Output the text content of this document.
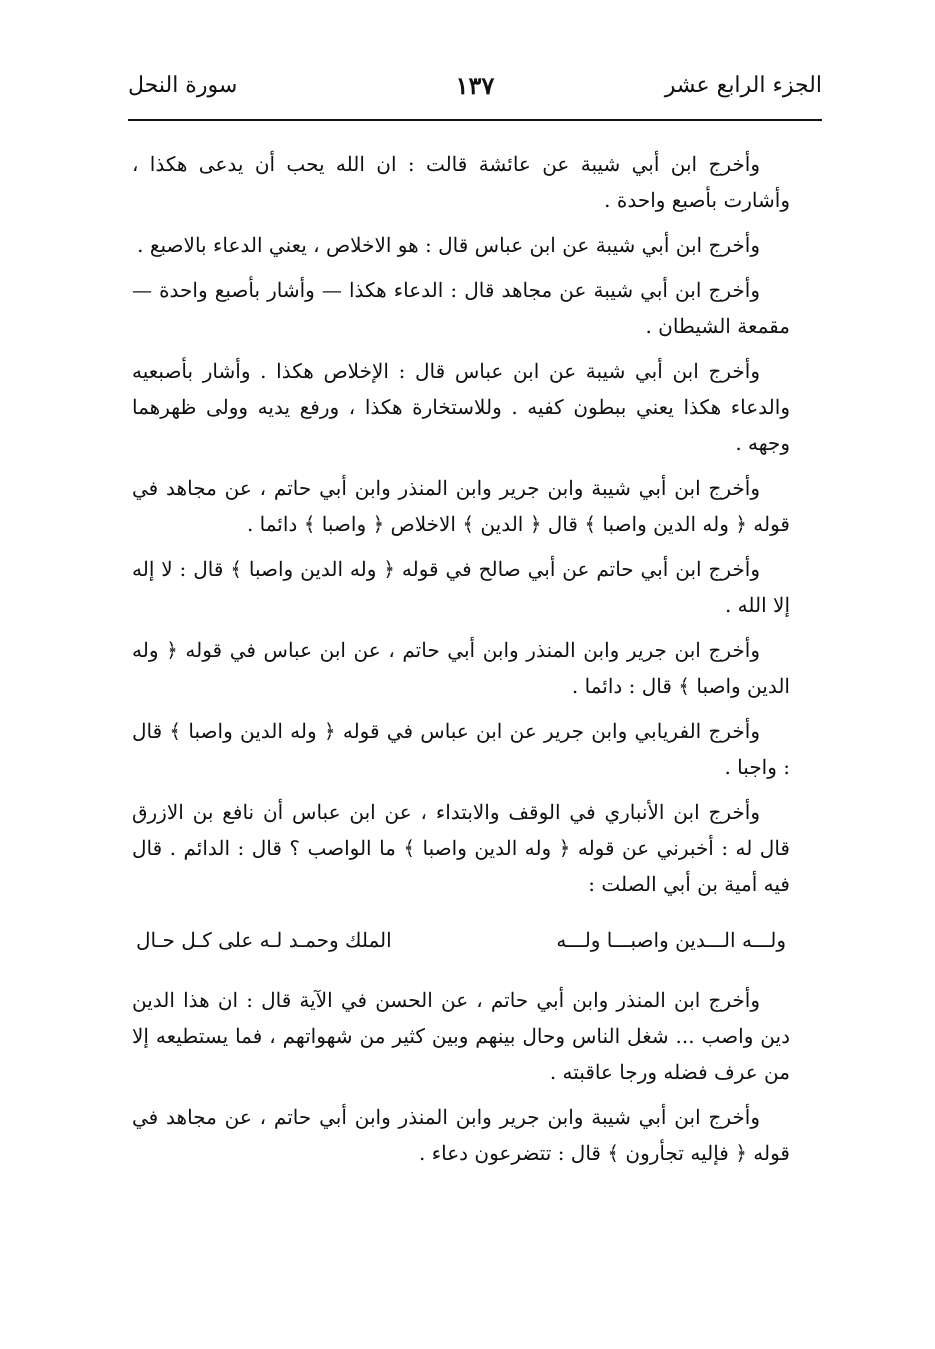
الجزء الرابع عشر
١٣٧
سورة النحل

وأخرج ابن أبي شيبة عن عائشة قالت : ان الله يحب أن يدعى هكذا ، وأشارت بأصبع واحدة .

وأخرج ابن أبي شيبة عن ابن عباس قال : هو الاخلاص ، يعني الدعاء بالاصبع .

وأخرج ابن أبي شيبة عن مجاهد قال : الدعاء هكذا — وأشار بأصبع واحدة — مقمعة الشيطان .

وأخرج ابن أبي شيبة عن ابن عباس قال : الإخلاص هكذا . وأشار بأصبعيه والدعاء هكذا يعني ببطون كفيه . وللاستخارة هكذا ، ورفع يديه وولى ظهرهما وجهه .

وأخرج ابن أبي شيبة وابن جرير وابن المنذر وابن أبي حاتم ، عن مجاهد في قوله ﴿ وله الدين واصبا ﴾ قال ﴿ الدين ﴾ الاخلاص ﴿ واصبا ﴾ دائما .

وأخرج ابن أبي حاتم عن أبي صالح في قوله ﴿ وله الدين واصبا ﴾ قال : لا إله إلا الله .

وأخرج ابن جرير وابن المنذر وابن أبي حاتم ، عن ابن عباس في قوله ﴿ وله الدين واصبا ﴾ قال : دائما .

وأخرج الفريابي وابن جرير عن ابن عباس في قوله ﴿ وله الدين واصبا ﴾ قال : واجبا .

وأخرج ابن الأنباري في الوقف والابتداء ، عن ابن عباس أن نافع بن الازرق قال له : أخبرني عن قوله ﴿ وله الدين واصبا ﴾ ما الواصب ؟ قال : الدائم . قال فيه أمية بن أبي الصلت :

ولـــه الـــدين واصبـــا ولـــه
الملك وحمـد لـه على كـل حـال

وأخرج ابن المنذر وابن أبي حاتم ، عن الحسن في الآية قال : ان هذا الدين دين واصب ... شغل الناس وحال بينهم وبين كثير من شهواتهم ، فما يستطيعه إلا من عرف فضله ورجا عاقبته .

وأخرج ابن أبي شيبة وابن جرير وابن المنذر وابن أبي حاتم ، عن مجاهد في قوله ﴿ فإليه تجأرون ﴾ قال : تتضرعون دعاء .
